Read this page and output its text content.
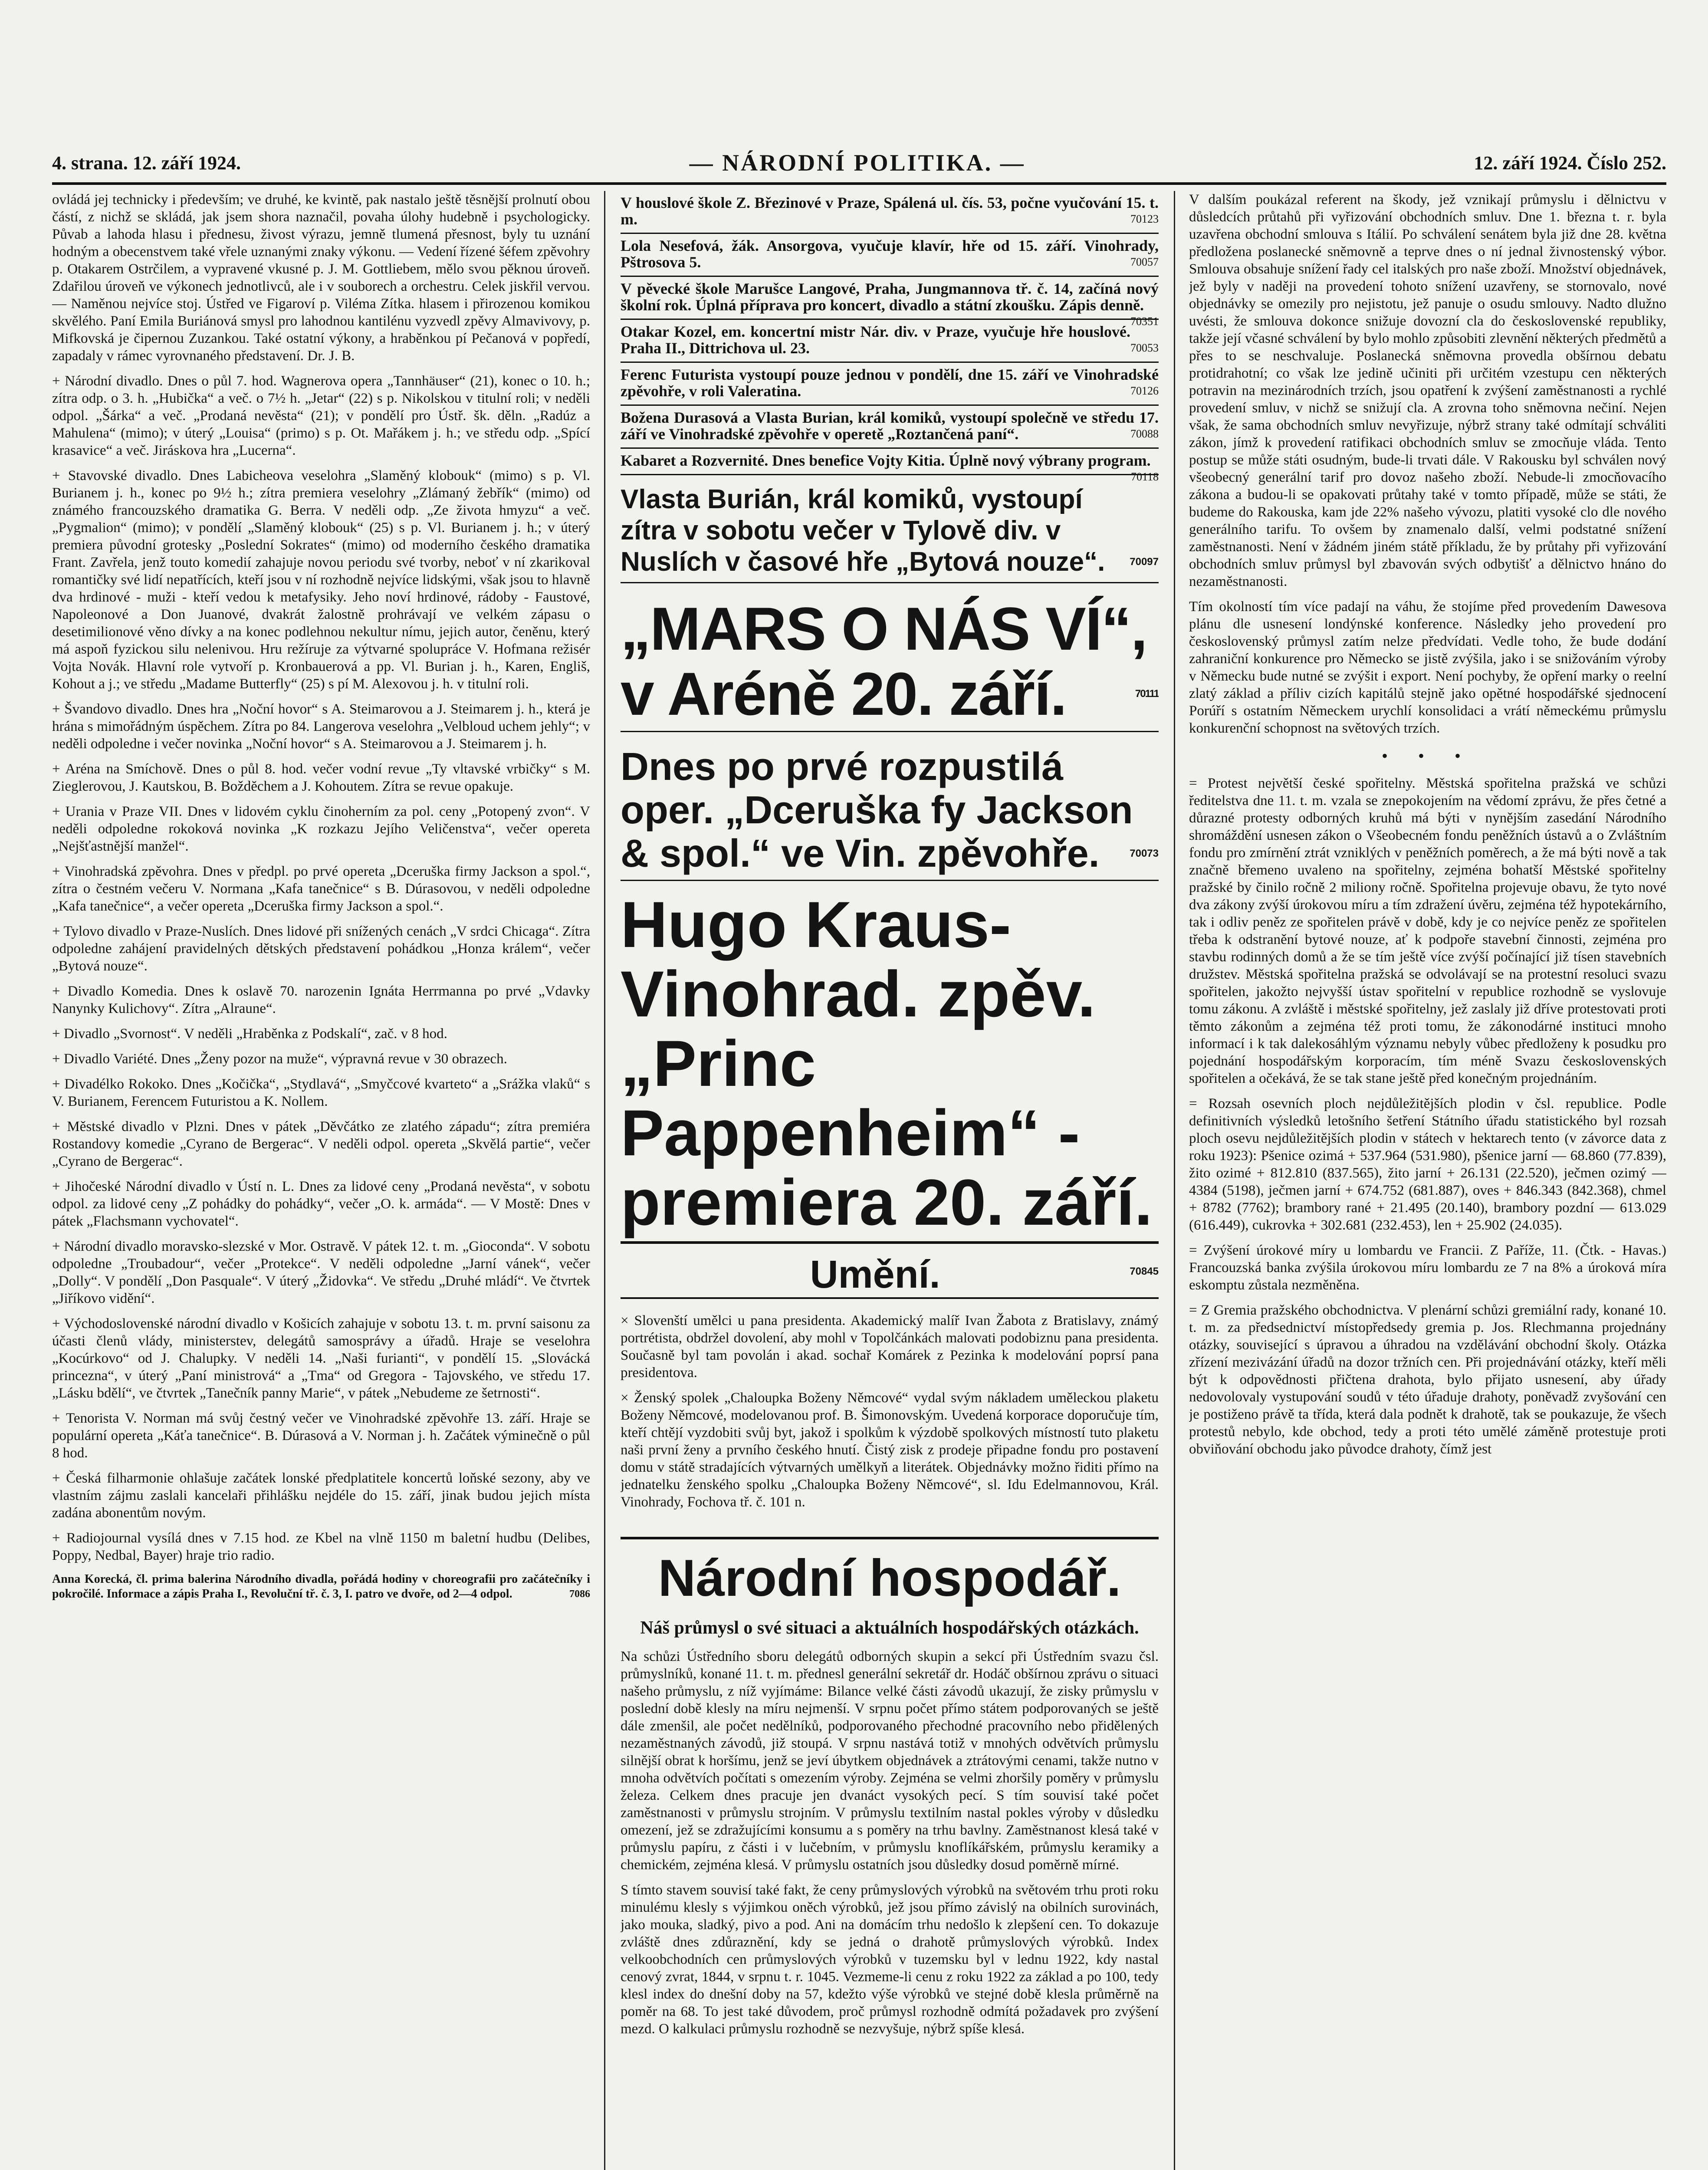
4. strana. 12. září 1924.	— NÁRODNÍ POLITIKA. —	12. září 1924. Číslo 252.

ovládá jej technicky i především; ve druhé, ke kvintě, pak nastalo ještě těsnější prolnutí obou částí, z nichž se skládá, jak jsem shora naznačil, povaha úlohy hudebně i psychologicky. Půvab a lahoda hlasu i přednesu, živost výrazu, jemně tlumená přesnost, byly tu uznání hodným a obecenstvem také vřele uznanými znaky výkonu. — Vedení řízené šéfem zpěvohry p. Otakarem Ostrčilem, a vypravené vkusné p. J. M. Gottliebem, mělo svou pěknou úroveň. Zdařilou úroveň ve výkonech jednotlivců, ale i v souborech a orchestru. Celek jiskřil vervou. — Naměnou nejvíce stoj. Ústřed ve Figaroví p. Viléma Zítka. hlasem i přirozenou komikou skvělého. Paní Emila Buriánová smysl pro lahodnou kantilénu vyzvedl zpěvy Almavivovy, p. Mifkovská je čipernou Zuzankou. Také ostatní výkony, a hraběnkou pí Pečanová v popředí, zapadaly v rámec vyrovnaného představení. Dr. J. B.

+ Národní divadlo. Dnes o půl 7. hod. Wagnerova opera „Tannhäuser“ (21), konec o 10. h.; zítra odp. o 3. h. „Hubička“ a več. o 7½ h. „Jetar“ (22) s p. Nikolskou v titulní roli; v neděli odpol. „Šárka“ a več. „Prodaná nevěsta“ (21); v pondělí pro Ústř. šk. děln. „Radúz a Mahulena“ (mimo); v úterý „Louisa“ (primo) s p. Ot. Mařákem j. h.; ve středu odp. „Spící krasavice“ a več. Jiráskova hra „Lucerna“.

+ Stavovské divadlo. Dnes Labicheova veselohra „Slaměný klobouk“ (mimo) s p. Vl. Burianem j. h., konec po 9½ h.; zítra premiera veselohry „Zlámaný žebřík“ (mimo) od známého francouzského dramatika G. Berra. V neděli odp. „Ze života hmyzu“ a več. „Pygmalion“ (mimo); v pondělí „Slaměný klobouk“ (25) s p. Vl. Burianem j. h.; v úterý premiera původní grotesky „Poslední Sokrates“ (mimo) od moderního českého dramatika Frant. Zavřela, jenž touto komedií zahajuje novou periodu své tvorby, neboť v ní zkarikoval romantičky své lidí nepatřících, kteří jsou v ní rozhodně nejvíce lidskými, však jsou to hlavně dva hrdinové - muži - kteří vedou k metafysiky. Jeho noví hrdinové, rádoby - Faustové, Napoleonové a Don Juanové, dvakrát žalostně prohrávají ve velkém zápasu o desetimilionové věno dívky a na konec podlehnou nekultur nímu, jejich autor, čeněnu, který má aspoň fyzickou silu nelenivou. Hru režíruje za výtvarné spolupráce V. Hofmana režisér Vojta Novák. Hlavní role vytvoří p. Kronbauerová a pp. Vl. Burian j. h., Karen, Engliš, Kohout a j.; ve středu „Madame Butterfly“ (25) s pí M. Alexovou j. h. v titulní roli.

+ Švandovo divadlo. Dnes hra „Noční hovor“ s A. Steimarovou a J. Steimarem j. h., která je hrána s mimořádným úspěchem. Zítra po 84. Langerova veselohra „Velbloud uchem jehly“; v neděli odpoledne i večer novinka „Noční hovor“ s A. Steimarovou a J. Steimarem j. h.

+ Aréna na Smíchově. Dnes o půl 8. hod. večer vodní revue „Ty vltavské vrbičky“ s M. Zieglerovou, J. Kautskou, B. Boždĕchem a J. Kohoutem. Zítra se revue opakuje.

+ Urania v Praze VII. Dnes v lidovém cyklu činoherním za pol. ceny „Potopený zvon“. V neděli odpoledne rokoková novinka „K rozkazu Jejího Veličenstva“, večer opereta „Nejšťastnější manžel“.

+ Vinohradská zpěvohra. Dnes v předpl. po prvé opereta „Dceruška firmy Jackson a spol.“, zítra o čestném večeru V. Normana „Kafa tanečnice“ s B. Dúrasovou, v neděli odpoledne „Kafa tanečnice“, a večer opereta „Dceruška firmy Jackson a spol.“.

+ Tylovo divadlo v Praze-Nuslích. Dnes lidové při snížených cenách „V srdci Chicaga“. Zítra odpoledne zahájení pravidelných dětských představení pohádkou „Honza králem“, večer „Bytová nouze“.

+ Divadlo Komedia. Dnes k oslavě 70. narozenin Ignáta Herrmanna po prvé „Vdavky Nanynky Kulichovy“. Zítra „Alraune“.

+ Divadlo „Svornost“. V neděli „Hraběnka z Podskalí“, zač. v 8 hod.

+ Divadlo Variété. Dnes „Ženy pozor na muže“, výpravná revue v 30 obrazech.

+ Divadélko Rokoko. Dnes „Kočička“, „Stydlavá“, „Smyčcové kvarteto“ a „Srážka vlaků“ s V. Burianem, Ferencem Futuristou a K. Nollem.

+ Městské divadlo v Plzni. Dnes v pátek „Děvčátko ze zlatého západu“; zítra premiéra Rostandovy komedie „Cyrano de Bergerac“. V neděli odpol. opereta „Skvělá partie“, večer „Cyrano de Bergerac“.

+ Jihočeské Národní divadlo v Ústí n. L. Dnes za lidové ceny „Prodaná nevěsta“, v sobotu odpol. za lidové ceny „Z pohádky do pohádky“, večer „O. k. armáda“. — V Mostě: Dnes v pátek „Flachsmann vychovatel“.

+ Národní divadlo moravsko-slezské v Mor. Ostravě. V pátek 12. t. m. „Gioconda“. V sobotu odpoledne „Troubadour“, večer „Protekce“. V neděli odpoledne „Jarní vánek“, večer „Dolly“. V pondělí „Don Pasquale“. V úterý „Židovka“. Ve středu „Druhé mládí“. Ve čtvrtek „Jiříkovo vidění“.

+ Východoslovenské národní divadlo v Košicích zahajuje v sobotu 13. t. m. první saisonu za účasti členů vlády, ministerstev, delegátů samosprávy a úřadů. Hraje se veselohra „Kocúrkovo“ od J. Chalupky. V neděli 14. „Naši furianti“, v pondělí 15. „Slovácká princezna“, v úterý „Paní ministrová“ a „Tma“ od Gregora - Tajovského, ve středu 17. „Lásku bdělí“, ve čtvrtek „Tanečník panny Marie“, v pátek „Nebudeme ze šetrnosti“.

+ Tenorista V. Norman má svůj čestný večer ve Vinohradské zpěvohře 13. září. Hraje se populární opereta „Káťa tanečnice“. B. Dúrasová a V. Norman j. h. Začátek výminečně o půl 8 hod.

+ Česká filharmonie ohlašuje začátek lonské předplatitele koncertů loňské sezony, aby ve vlastním zájmu zaslali kancelaři přihlášku nejdéle do 15. září, jinak budou jejich místa zadána abonentům novým.

+ Radiojournal vysílá dnes v 7.15 hod. ze Kbel na vlně 1150 m baletní hudbu (Delibes, Poppy, Nedbal, Bayer) hraje trio radio.

Anna Korecká, čl. prima balerina Národního divadla, pořádá hodiny v choreografii pro začátečníky i pokročilé. Informace a zápis Praha I., Revoluční tř. č. 3, I. patro ve dvoře, od 2—4 odpol.	7086

V houslové škole Z. Březinové v Praze, Spálená ul. čís. 53, počne vyučování 15. t. m.	70123

Lola Nesefová, žák. Ansorgova, vyučuje klavír, hře od 15. září. Vinohrady, Pštrosova 5.	70057

V pěvecké škole Marušce Langové, Praha, Jungmannova tř. č. 14, začíná nový školní rok. Úplná příprava pro koncert, divadlo a státní zkoušku. Zápis denně.
70351

Otakar Kozel, em. koncertní mistr Nár. div. v Praze, vyučuje hře houslové. Praha II., Dittrichova ul. 23.	70053

Ferenc Futurista vystoupí pouze jednou v pondělí, dne 15. září ve Vinohradské zpěvohře, v roli Valeratina.	70126

Božena Durasová a Vlasta Burian, král komiků, vystoupí společně ve středu 17. září ve Vinohradské zpěvohře v operetě „Roztančená paní“.	70088

Kabaret a Rozvernité. Dnes benefice Vojty Kitia. Úplně nový výbrany program.
70118

Vlasta Burián, král komiků, vystoupí zítra v sobotu večer v Tylově div. v Nuslích v časové hře „Bytová nouze“. 70097
„MARS O NÁS VÍ“, v Aréně 20. září.	70111
Dnes po prvé rozpustilá oper. „Dceruška fy Jackson & spol.“ ve Vin. zpěvohře.	70073
Hugo Kraus-Vinohrad. zpěv. „Princ Pappenheim“ - premiera 20. září.
70845
Umění.

× Slovenští umělci u pana presidenta. Akademický malíř Ivan Žabota z Bratislavy, známý portrétista, obdržel dovolení, aby mohl v Topolčánkách malovati podobiznu pana presidenta. Současně byl tam povolán i akad. sochař Komárek z Pezinka k modelování poprsí pana presidentova.

× Ženský spolek „Chaloupka Boženy Němcové“ vydal svým nákladem uměleckou plaketu Boženy Němcové, modelovanou prof. B. Šimonovským. Uvedená korporace doporučuje tím, kteří chtějí vyzdobiti svůj byt, jakož i spolkům k výzdobě spolkových místností tuto plaketu naši první ženy a prvního českého hnutí. Čistý zisk z prodeje připadne fondu pro postavení domu v státě stradajících výtvarných umělkyň a literátek. Objednávky možno řiditi přímo na jednatelku ženského spolku „Chaloupka Boženy Němcové“, sl. Idu Edelmannovou, Král. Vinohrady, Fochova tř. č. 101 n.

Národní hospodář.
Náš průmysl o své situaci a aktuálních hospodářských otázkách.

Na schůzi Ústředního sboru delegátů odborných skupin a sekcí při Ústředním svazu čsl. průmyslníků, konané 11. t. m. přednesl generální sekretář dr. Hodáč obšírnou zprávu o situaci našeho průmyslu, z níž vyjímáme: Bilance velké části závodů ukazují, že zisky průmyslu v poslední době klesly na míru nejmenší. V srpnu počet přímo státem podporovaných se ještě dále zmenšil, ale počet nedělníků, podporovaného přechodné pracovního nebo přidělených nezaměstnaných závodů, již stoupá. V srpnu nastává totiž v mnohých odvětvích průmyslu silnější obrat k horšímu, jenž se jeví úbytkem objednávek a ztrátovými cenami, takže nutno v mnoha odvětvích počítati s omezením výroby. Zejména se velmi zhoršily poměry v průmyslu železa. Celkem dnes pracuje jen dvanáct vysokých pecí. S tím souvisí také počet zaměstnanosti v průmyslu strojním. V průmyslu textilním nastal pokles výroby v důsledku omezení, jež se zdražujícími konsumu a s poměry na trhu bavlny. Zaměstnanost klesá také v průmyslu papíru, z části i v lučebním, v průmyslu knoflíkářském, průmyslu keramiky a chemickém, zejména klesá. V průmyslu ostatních jsou důsledky dosud poměrně mírné.

S tímto stavem souvisí také fakt, že ceny průmyslových výrobků na světovém trhu proti roku minulému klesly s výjimkou oněch výrobků, jež jsou přímo závislý na obilních surovinách, jako mouka, sladký, pivo a pod. Ani na domácím trhu nedošlo k zlepšení cen. To dokazuje zvláště dnes zdůraznění, kdy se jedná o drahotě průmyslových výrobků. Index velkoobchodních cen průmyslových výrobků v tuzemsku byl v lednu 1922, kdy nastal cenový zvrat, 1844, v srpnu t. r. 1045. Vezmeme-li cenu z roku 1922 za základ a po 100, tedy klesl index do dnešní doby na 57, kdežto výše výrobků ve stejné době klesla průměrně na poměr na 68. To jest také důvodem, proč průmysl rozhodně odmítá požadavek pro zvýšení mezd. O kalkulaci průmyslu rozhodně se nezvyšuje, nýbrž spíše klesá.

V dalším poukázal referent na škody, jež vznikají průmyslu i dělnictvu v důsledcích průtahů při vyřizování obchodních smluv. Dne 1. března t. r. byla uzavřena obchodní smlouva s Itálií. Po schválení senátem byla již dne 28. května předložena poslanecké sněmovně a teprve dnes o ní jednal živnostenský výbor. Smlouva obsahuje snížení řady cel italských pro naše zboží. Množství objednávek, jež byly v naději na provedení tohoto snížení uzavřeny, se stornovalo, nové objednávky se omezily pro nejistotu, jež panuje o osudu smlouvy. Nadto dlužno uvésti, že smlouva dokonce snižuje dovozní cla do československé republiky, takže její včasné schválení by bylo mohlo způsobiti zlevnění některých předmětů a přes to se neschvaluje. Poslanecká sněmovna provedla obšírnou debatu protidrahotní; co však lze jedině učiniti při určitém vzestupu cen některých potravin na mezinárodních trzích, jsou opatření k zvýšení zaměstnanosti a rychlé provedení smluv, v nichž se snižují cla. A zrovna toho sněmovna nečiní. Nejen však, že sama obchodních smluv nevyřizuje, nýbrž strany také odmítají schváliti zákon, jímž k provedení ratifikaci obchodních smluv se zmocňuje vláda. Tento postup se může státi osudným, bude-li trvati dále. V Rakousku byl schválen nový všeobecný generální tarif pro dovoz našeho zboží. Nebude-li zmocňovacího zákona a budou-li se opakovati průtahy také v tomto případě, může se státi, že budeme do Rakouska, kam jde 22% našeho vývozu, platiti vysoké clo dle nového generálního tarifu. To ovšem by znamenalo další, velmi podstatné snížení zaměstnanosti. Není v žádném jiném státě příkladu, že by průtahy při vyřizování obchodních smluv průmysl byl zbavován svých odbytišť a dělnictvo hnáno do nezaměstnanosti.

Tím okolností tím více padají na váhu, že stojíme před provedením Dawesova plánu dle usnesení londýnské konference. Následky jeho provedení pro československý průmysl zatím nelze předvídati. Vedle toho, že bude dodání zahraniční konkurence pro Německo se jistě zvýšila, jako i se snižováním výroby v Německu bude nutné se zvýšit i export. Není pochyby, že opření marky o reelní zlatý základ a příliv cizích kapitálů stejně jako opětné hospodářské sjednocení Porúří s ostatním Německem urychlí konsolidaci a vrátí německému průmyslu konkurenční schopnost na světových trzích.

• • •

= Protest největší české spořitelny. Městská spořitelna pražská ve schůzi ředitelstva dne 11. t. m. vzala se znepokojením na vědomí zprávu, že přes četné a důrazné protesty odborných kruhů má býti v nynějším zasedání Národního shromáždění usnesen zákon o Všeobecném fondu peněžních ústavů a o Zvláštním fondu pro zmírnění ztrát vzniklých v peněžních poměrech, a že má býti nově a tak značně břemeno uvaleno na spořitelny, zejména bohatší Městské spořitelny pražské by činilo ročně 2 miliony ročně. Spořitelna projevuje obavu, že tyto nové dva zákony zvýší úrokovou míru a tím zdražení úvěru, zejména též hypotekárního, tak i odliv peněz ze spořitelen právě v době, kdy je co nejvíce peněz ze spořitelen třeba k odstranění bytové nouze, ať k podpoře stavební činnosti, zejména pro stavbu rodinných domů a že se tím ještě více zvýší počínající již tísen stavebních družstev. Městská spořitelna pražská se odvolávají se na protestní resoluci svazu spořitelen, jakožto nejvyšší ústav spořitelní v republice rozhodně se vyslovuje tomu zákonu. A zvláště i městské spořitelny, jež zaslaly již dříve protestovati proti těmto zákonům a zejména též proti tomu, že zákonodárné instituci mnoho informací i k tak dalekosáhlým významu nebyly vůbec předloženy k posudku pro pojednání hospodářským korporacím, tím méně Svazu československých spořitelen a očekává, že se tak stane ještě před konečným projednáním.

= Rozsah osevních ploch nejdůležitějších plodin v čsl. republice. Podle definitivních výsledků letošního šetření Státního úřadu statistického byl rozsah ploch osevu nejdůležitějších plodin v státech v hektarech tento (v závorce data z roku 1923): Pšenice ozimá + 537.964 (531.980), pšenice jarní — 68.860 (77.839), žito ozimé + 812.810 (837.565), žito jarní + 26.131 (22.520), ječmen ozimý — 4384 (5198), ječmen jarní + 674.752 (681.887), oves + 846.343 (842.368), chmel + 8782 (7762); brambory rané + 21.495 (20.140), brambory pozdní — 613.029 (616.449), cukrovka + 302.681 (232.453), len + 25.902 (24.035).

= Zvýšení úrokové míry u lombardu ve Francii. Z Paříže, 11. (Čtk. - Havas.) Francouzská banka zvýšila úrokovou míru lombardu ze 7 na 8% a úroková míra eskomptu zůstala nezměněna.

= Z Gremia pražského obchodnictva. V plenární schůzi gremiální rady, konané 10. t. m. za předsednictví místopředsedy gremia p. Jos. Rlechmanna projednány otázky, související s úpravou a úhradou na vzdělávání obchodní školy. Otázka zřízení mezivázání úřadů na dozor tržních cen. Při projednávání otázky, kteří měli být k odpovědnosti přičtena drahota, bylo přijato usnesení, aby úřady nedovolovaly vystupování soudů v této úřaduje drahoty, poněvadž zvyšování cen je postiženo právě ta třída, která dala podnět k drahotě, tak se poukazuje, že všech protestů nebylo, kde obchod, tedy a proti této umělé záměně protestuje proti obviňování obchodu jako původce drahoty, čímž jest
